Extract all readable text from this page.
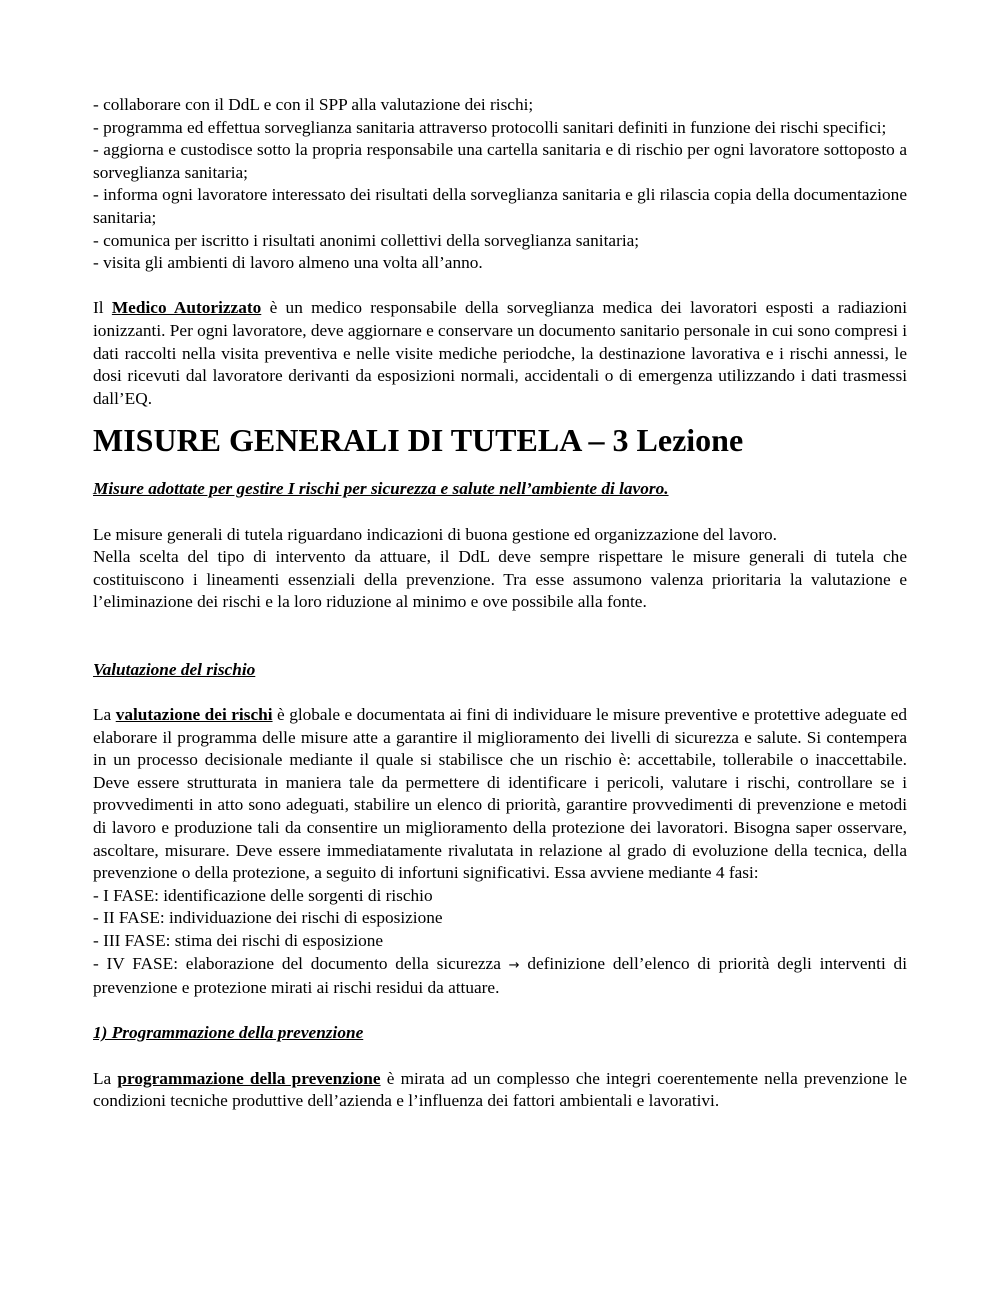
- collaborare con il DdL e con il SPP alla valutazione dei rischi;

- programma ed effettua sorveglianza sanitaria attraverso protocolli sanitari definiti in funzione dei rischi specifici;

- aggiorna e custodisce sotto la propria responsabile una cartella sanitaria e di rischio per ogni lavoratore sottoposto a sorveglianza sanitaria;

- informa ogni lavoratore interessato dei risultati della sorveglianza sanitaria e gli rilascia copia della documentazione sanitaria;

- comunica per iscritto i risultati anonimi collettivi della sorveglianza sanitaria;

- visita gli ambienti di lavoro almeno una volta all’anno.

Il Medico Autorizzato è un medico responsabile della sorveglianza medica dei lavoratori esposti a radiazioni ionizzanti. Per ogni lavoratore, deve aggiornare e conservare un documento sanitario personale in cui sono compresi i dati raccolti nella visita preventiva e nelle visite mediche periodche, la destinazione lavorativa e i rischi annessi, le dosi ricevuti dal lavoratore derivanti da esposizioni normali, accidentali o di emergenza utilizzando i dati trasmessi dall’EQ.

MISURE GENERALI DI TUTELA – 3 Lezione

Misure adottate per gestire I rischi per sicurezza e salute nell’ambiente di lavoro.

Le misure generali di tutela riguardano indicazioni di buona gestione ed organizzazione del lavoro.

Nella scelta del tipo di intervento da attuare, il DdL deve sempre rispettare le misure generali di tutela che costituiscono i lineamenti essenziali della prevenzione. Tra esse assumono valenza prioritaria la valutazione e l’eliminazione dei rischi e la loro riduzione al minimo e ove possibile alla fonte.

Valutazione del rischio

La valutazione dei rischi è globale e documentata ai fini di individuare le misure preventive e protettive adeguate ed elaborare il programma delle misure atte a garantire il miglioramento dei livelli di sicurezza e salute. Si contempera in un processo decisionale mediante il quale si stabilisce che un rischio è: accettabile, tollerabile o inaccettabile. Deve essere strutturata in maniera tale da permettere di identificare i pericoli, valutare i rischi, controllare se i provvedimenti in atto sono adeguati, stabilire un elenco di priorità, garantire provvedimenti di prevenzione e metodi di lavoro e produzione tali da consentire un miglioramento della protezione dei lavoratori. Bisogna saper osservare, ascoltare, misurare. Deve essere immediatamente rivalutata in relazione al grado di evoluzione della tecnica, della prevenzione o della protezione, a seguito di infortuni significativi. Essa avviene mediante 4 fasi:

- I FASE: identificazione delle sorgenti di rischio

- II FASE: individuazione dei rischi di esposizione

- III FASE: stima dei rischi di esposizione

- IV FASE: elaborazione del documento della sicurezza → definizione dell’elenco di priorità degli interventi di prevenzione e protezione mirati ai rischi residui da attuare.

1) Programmazione della prevenzione

La programmazione della prevenzione è mirata ad un complesso che integri coerentemente nella prevenzione le condizioni tecniche produttive dell’azienda e l’influenza dei fattori ambientali e lavorativi.
